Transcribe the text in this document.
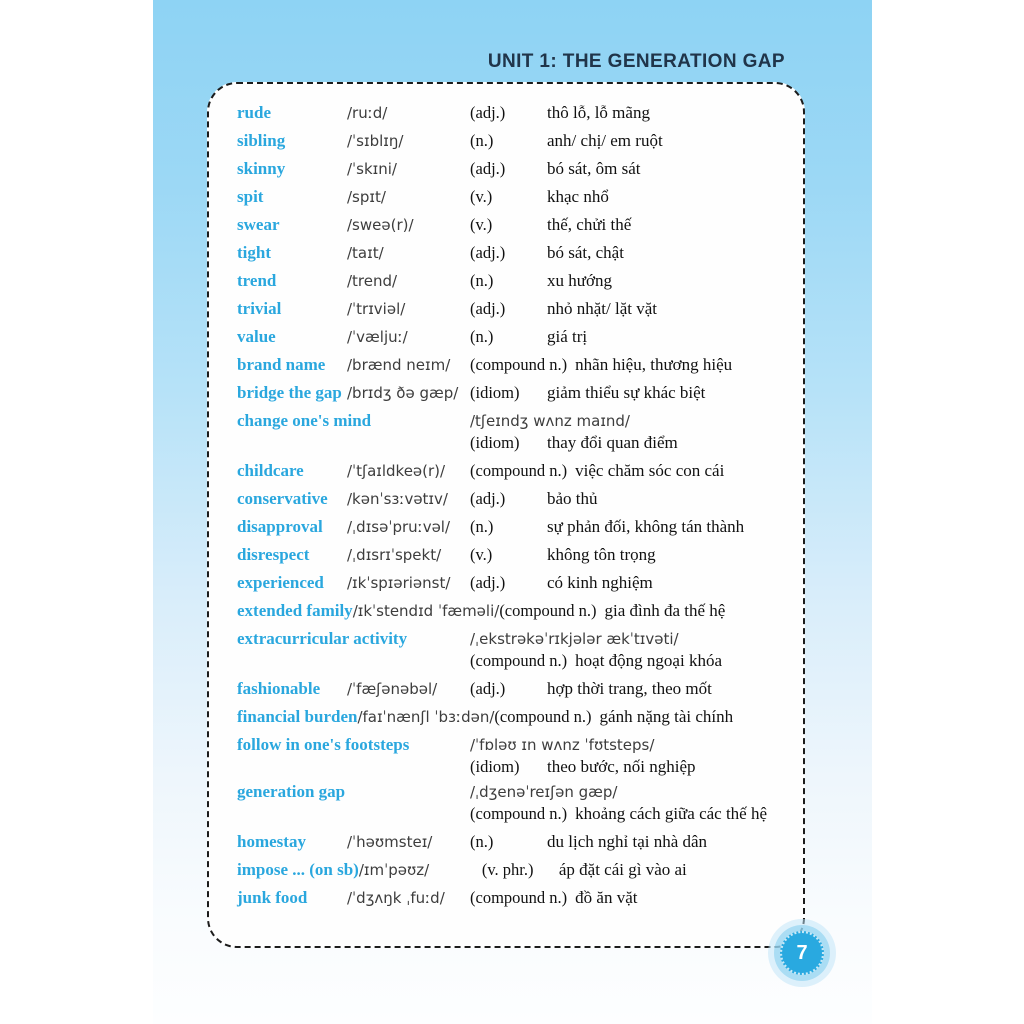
UNIT 1: THE GENERATION GAP
rude	/ruːd/	(adj.)	thô lỗ, lỗ mãng
sibling	/ˈsɪblɪŋ/	(n.)	anh/ chị/ em ruột
skinny	/ˈskɪni/	(adj.)	bó sát, ôm sát
spit	/spɪt/	(v.)	khạc nhổ
swear	/sweə(r)/	(v.)	thế, chửi thế
tight	/taɪt/	(adj.)	bó sát, chật
trend	/trend/	(n.)	xu hướng
trivial	/ˈtrɪviəl/	(adj.)	nhỏ nhặt/ lặt vặt
value	/ˈvæljuː/	(n.)	giá trị
brand name	/brænd neɪm/	(compound n.) nhãn hiệu, thương hiệu
bridge the gap /brɪdʒ ðə gæp/ (idiom)	giảm thiểu sự khác biệt
change one's mind	/tʃeɪndʒ wʌnz maɪnd/
(idiom)	thay đổi quan điểm
childcare	/ˈtʃaɪldkeə(r)/	(compound n.) việc chăm sóc con cái
conservative	/kənˈsɜːvətɪv/	(adj.)	bảo thủ
disapproval	/ˌdɪsəˈpruːvəl/	(n.)	sự phản đối, không tán thành
disrespect	/ˌdɪsrɪˈspekt/	(v.)	không tôn trọng
experienced	/ɪkˈspɪəriənst/	(adj.)	có kinh nghiệm
extended family /ɪkˈstendɪd ˈfæməli/ (compound n.) gia đình đa thế hệ
extracurricular activity	/ˌekstrəkəˈrɪkjələr ækˈtɪvəti/
(compound n.) hoạt động ngoại khóa
fashionable	/ˈfæʃənəbəl/	(adj.)	hợp thời trang, theo mốt
financial burden /faɪˈnænʃl ˈbɜːdən/ (compound n.) gánh nặng tài chính
follow in one's footsteps	/ˈfɒləʊ ɪn wʌnz ˈfʊtsteps/
(idiom)	theo bước, nối nghiệp
generation gap	/ˌdʒenəˈreɪʃən gæp/
(compound n.) khoảng cách giữa các thế hệ
homestay	/ˈhəʊmsteɪ/	(n.)	du lịch nghỉ tại nhà dân
impose ... (on sb) /ɪmˈpəʊz/	(v. phr.)	áp đặt cái gì vào ai
junk food	/ˈdʒʌŋk ˌfuːd/	(compound n.) đồ ăn vặt
7
